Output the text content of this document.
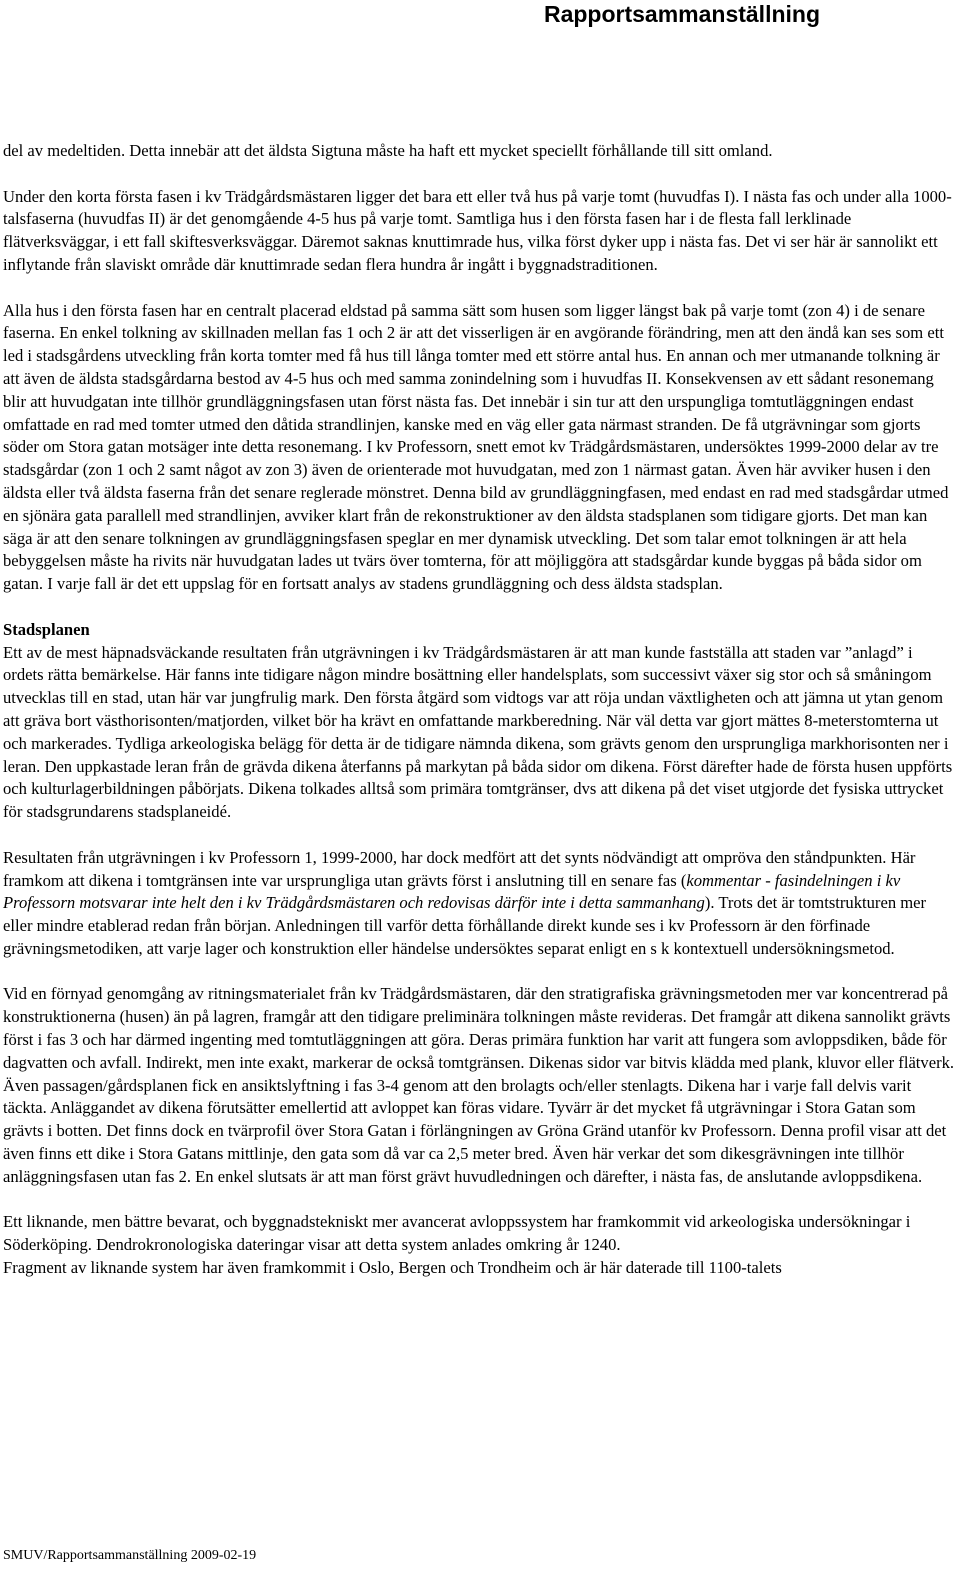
Rapportsammanställning

del av medeltiden. Detta innebär att det äldsta Sigtuna måste ha haft ett mycket speciellt förhållande till sitt omland.

Under den korta första fasen i kv Trädgårdsmästaren ligger det bara ett eller två hus på varje tomt (huvudfas I). I nästa fas och under alla 1000-talsfaserna (huvudfas II) är det genomgående 4-5 hus på varje tomt. Samtliga hus i den första fasen har i de flesta fall lerklinade flätverksväggar, i ett fall skiftesverksväggar. Däremot saknas knuttimrade hus, vilka först dyker upp i nästa fas. Det vi ser här är sannolikt ett inflytande från slaviskt område där knuttimrade sedan flera hundra år ingått i byggnadstraditionen.

Alla hus i den första fasen har en centralt placerad eldstad på samma sätt som husen som ligger längst bak på varje tomt (zon 4) i de senare faserna. En enkel tolkning av skillnaden mellan fas 1 och 2 är att det visserligen är en avgörande förändring, men att den ändå kan ses som ett led i stadsgårdens utveckling från korta tomter med få hus till långa tomter med ett större antal hus. En annan och mer utmanande tolkning är att även de äldsta stadsgårdarna bestod av 4-5 hus och med samma zonindelning som i huvudfas II. Konsekvensen av ett sådant resonemang blir att huvudgatan inte tillhör grundläggningsfasen utan först nästa fas. Det innebär i sin tur att den urspungliga tomtutläggningen endast omfattade en rad med tomter utmed den dåtida strandlinjen, kanske med en väg eller gata närmast stranden. De få utgrävningar som gjorts söder om Stora gatan motsäger inte detta resonemang. I kv Professorn, snett emot kv Trädgårdsmästaren, undersöktes 1999-2000 delar av tre stadsgårdar (zon 1 och 2 samt något av zon 3) även de orienterade mot huvudgatan, med zon 1 närmast gatan. Även här avviker husen i den äldsta eller två äldsta faserna från det senare reglerade mönstret. Denna bild av grundläggningfasen, med endast en rad med stadsgårdar utmed en sjönära gata parallell med strandlinjen, avviker klart från de rekonstruktioner av den äldsta stadsplanen som tidigare gjorts. Det man kan säga är att den senare tolkningen av grundläggningsfasen speglar en mer dynamisk utveckling. Det som talar emot tolkningen är att hela bebyggelsen måste ha rivits när huvudgatan lades ut tvärs över tomterna, för att möjliggöra att stadsgårdar kunde byggas på båda sidor om gatan. I varje fall är det ett uppslag för en fortsatt analys av stadens grundläggning och dess äldsta stadsplan.

Stadsplanen

Ett av de mest häpnadsväckande resultaten från utgrävningen i kv Trädgårdsmästaren är att man kunde fastställa att staden var ”anlagd” i ordets rätta bemärkelse. Här fanns inte tidigare någon mindre bosättning eller handelsplats, som successivt växer sig stor och så småningom utvecklas till en stad, utan här var jungfrulig mark. Den första åtgärd som vidtogs var att röja undan växtligheten och att jämna ut ytan genom att gräva bort västhorisonten/matjorden, vilket bör ha krävt en omfattande markberedning. När väl detta var gjort mättes 8-meterstomterna ut och markerades. Tydliga arkeologiska belägg för detta är de tidigare nämnda dikena, som grävts genom den ursprungliga markhorisonten ner i leran. Den uppkastade leran från de grävda dikena återfanns på markytan på båda sidor om dikena. Först därefter hade de första husen uppförts och kulturlagerbildningen påbörjats. Dikena tolkades alltså som primära tomtgränser, dvs att dikena på det viset utgjorde det fysiska uttrycket för stadsgrundarens stadsplaneidé.

Resultaten från utgrävningen i kv Professorn 1, 1999-2000, har dock medfört att det synts nödvändigt att ompröva den ståndpunkten. Här framkom att dikena i tomtgränsen inte var ursprungliga utan grävts först i anslutning till en senare fas (kommentar - fasindelningen i kv Professorn motsvarar inte helt den i kv Trädgårdsmästaren och redovisas därför inte i detta sammanhang). Trots det är tomtstrukturen mer eller mindre etablerad redan från början. Anledningen till varför detta förhållande direkt kunde ses i kv Professorn är den förfinade grävningsmetodiken, att varje lager och konstruktion eller händelse undersöktes separat enligt en s k kontextuell undersökningsmetod.

Vid en förnyad genomgång av ritningsmaterialet från kv Trädgårdsmästaren, där den stratigrafiska grävningsmetoden mer var koncentrerad på konstruktionerna (husen) än på lagren, framgår att den tidigare preliminära tolkningen måste revideras. Det framgår att dikena sannolikt grävts först i fas 3 och har därmed ingenting med tomtutläggningen att göra. Deras primära funktion har varit att fungera som avloppsdiken, både för dagvatten och avfall. Indirekt, men inte exakt, markerar de också tomtgränsen. Dikenas sidor var bitvis klädda med plank, kluvor eller flätverk. Även passagen/gårdsplanen fick en ansiktslyftning i fas 3-4 genom att den brolagts och/eller stenlagts. Dikena har i varje fall delvis varit täckta. Anläggandet av dikena förutsätter emellertid att avloppet kan föras vidare. Tyvärr är det mycket få utgrävningar i Stora Gatan som grävts i botten. Det finns dock en tvärprofil över Stora Gatan i förlängningen av Gröna Gränd utanför kv Professorn. Denna profil visar att det även finns ett dike i Stora Gatans mittlinje, den gata som då var ca 2,5 meter bred. Även här verkar det som dikesgrävningen inte tillhör anläggningsfasen utan fas 2. En enkel slutsats är att man först grävt huvudledningen och därefter, i nästa fas, de anslutande avloppsdikena.

Ett liknande, men bättre bevarat, och byggnadstekniskt mer avancerat avloppssystem har framkommit vid arkeologiska undersökningar i Söderköping. Dendrokronologiska dateringar visar att detta system anlades omkring år 1240.

Fragment av liknande system har även framkommit i Oslo, Bergen och Trondheim och är här daterade till 1100-talets

SMUV/Rapportsammanställning 2009-02-19
